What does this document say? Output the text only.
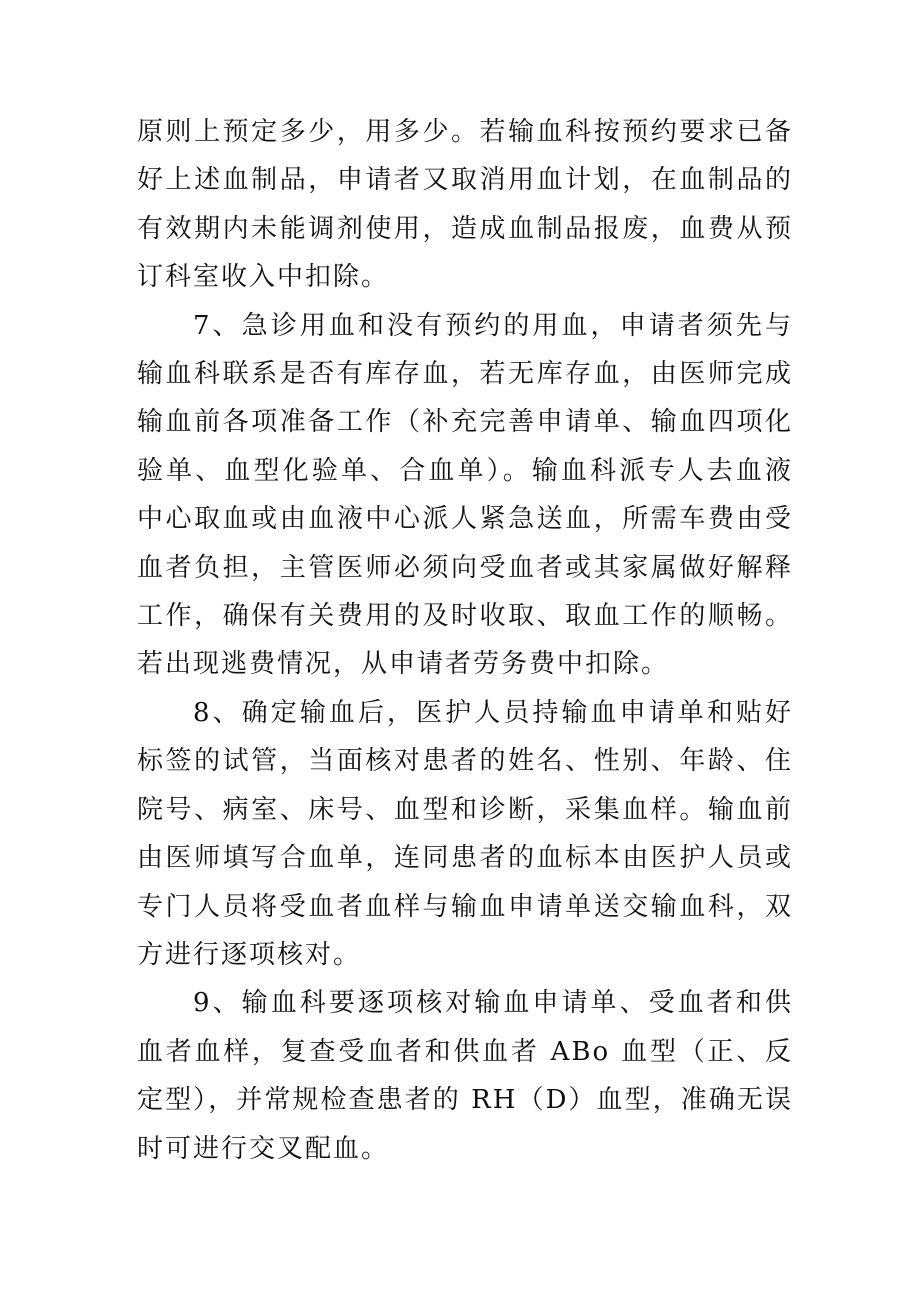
原则上预定多少，用多少。若输血科按预约要求已备好上述血制品，申请者又取消用血计划，在血制品的有效期内未能调剂使用，造成血制品报废，血费从预订科室收入中扣除。

7、急诊用血和没有预约的用血，申请者须先与输血科联系是否有库存血，若无库存血，由医师完成输血前各项准备工作（补充完善申请单、输血四项化验单、血型化验单、合血单）。输血科派专人去血液中心取血或由血液中心派人紧急送血，所需车费由受血者负担，主管医师必须向受血者或其家属做好解释工作，确保有关费用的及时收取、取血工作的顺畅。若出现逃费情况，从申请者劳务费中扣除。

8、确定输血后，医护人员持输血申请单和贴好标签的试管，当面核对患者的姓名、性别、年龄、住院号、病室、床号、血型和诊断，采集血样。输血前由医师填写合血单，连同患者的血标本由医护人员或专门人员将受血者血样与输血申请单送交输血科，双方进行逐项核对。

9、输血科要逐项核对输血申请单、受血者和供血者血样，复查受血者和供血者 ABo 血型（正、反定型），并常规检查患者的 RH（D）血型，准确无误时可进行交叉配血。
